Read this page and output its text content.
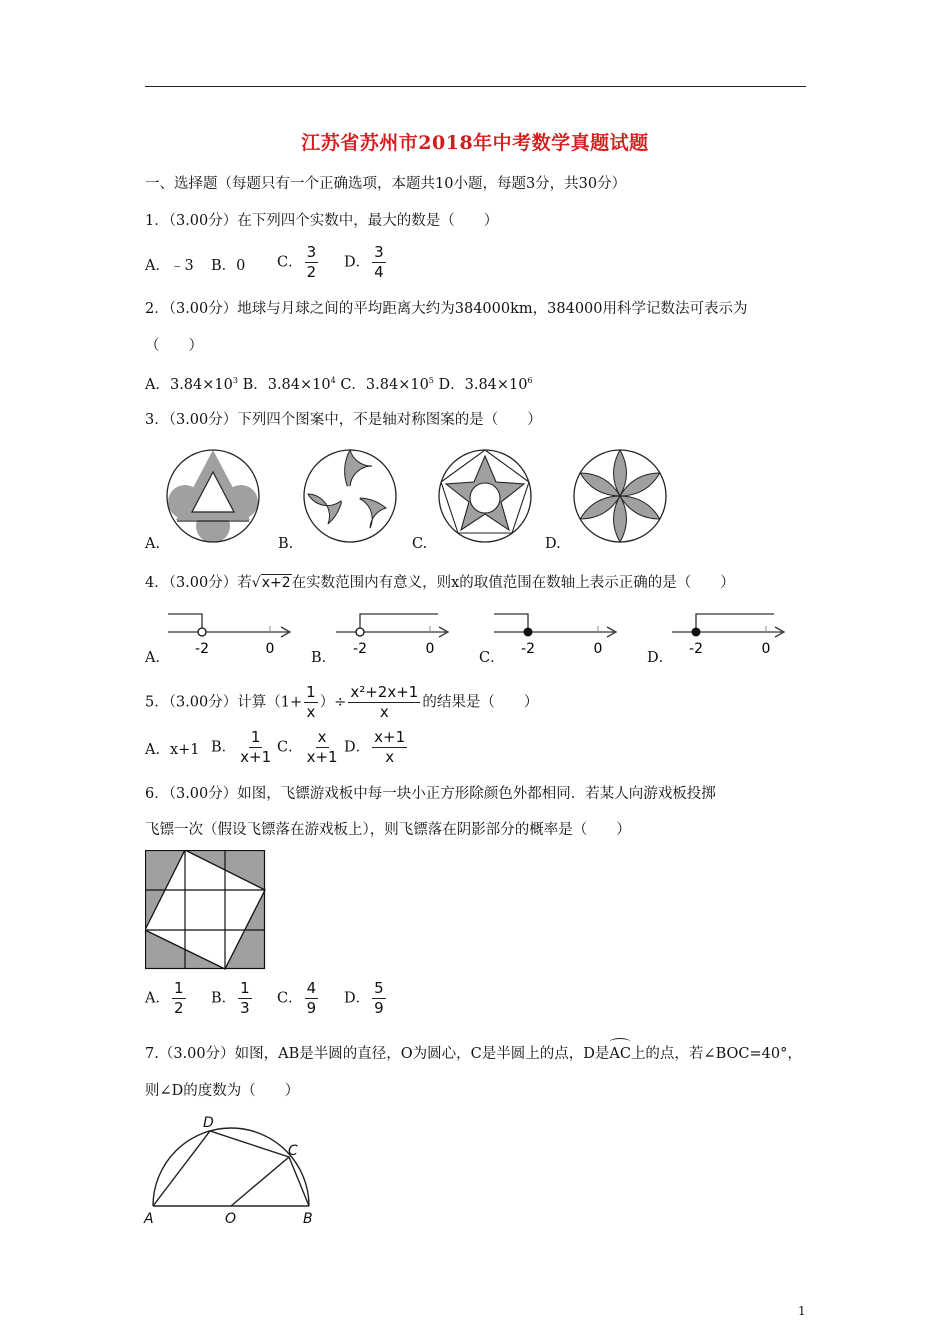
江苏省苏州市2018年中考数学真题试题
一、选择题（每题只有一个正确选项，本题共10小题，每题3分，共30分）
1．（3.00分）在下列四个实数中，最大的数是（　　）
A．﹣3 B．0 C． $\frac{3}{2}$ D． $\frac{3}{4}$
2．（3.00分）地球与月球之间的平均距离大约为384000km，384000用科学记数法可表示为
（　　）
A．$3.84\times 10^3$ B．$3.84\times 10^4$ C．$3.84\times 10^5$ D．$3.84\times 10^6$
3．（3.00分）下列四个图案中，不是轴对称图案的是（　　）
A.	B.	C.	D.
4．（3.00分）若√x+2在实数范围内有意义，则x的取值范围在数轴上表示正确的是（　　）
-2	0	-2	0	-2	0	-2	0
A．	B．	C．	D．
5．（3.00分）计算（$1+ \frac{1}{x}$ ）÷ $\frac{\text{x²+2x+1}}{x}$ 的结果是（　　）
A．x+1 B． $\frac{1}{x+1}$ C． $\frac{x}{x+1}$ D． $\frac{x+1}{x}$
6．（3.00分）如图，飞镖游戏板中每一块小正方形除颜色外都相同．若某人向游戏板投掷
飞镖一次（假设飞镖落在游戏板上），则飞镖落在阴影部分的概率是（　　）
A． $\frac{1}{2}$ B． $\frac{1}{3}$ C． $\frac{4}{9}$ D． $\frac{5}{9}$
7.（3.00分）如图，AB是半圆的直径，O为圆心，C是半圆上的点，D是
AC上的点，若∠BOC=40°，
则∠D的度数为（　　）
A	O	B
C
D
1
